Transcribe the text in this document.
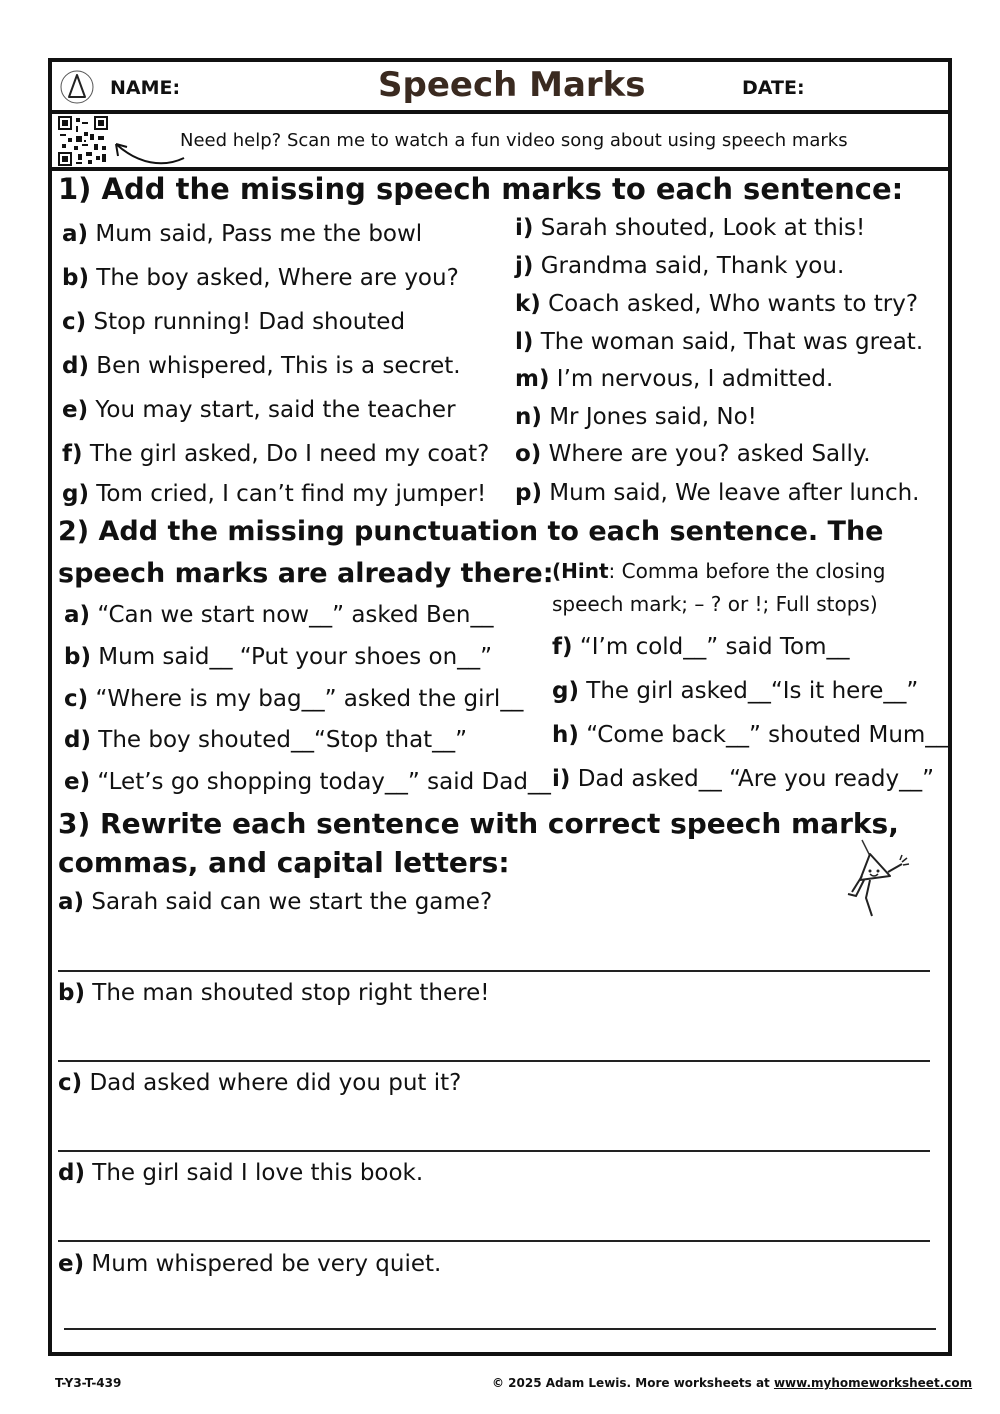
NAME:	Speech Marks	DATE:
Need help? Scan me to watch a fun video song about using speech marks
1) Add the missing speech marks to each sentence:
a) Mum said, Pass me the bowl
b) The boy asked, Where are you?
c) Stop running! Dad shouted
d) Ben whispered, This is a secret.
e) You may start, said the teacher
f) The girl asked, Do I need my coat?
g) Tom cried, I can’t find my jumper!
i) Sarah shouted, Look at this!
j) Grandma said, Thank you.
k) Coach asked, Who wants to try?
l) The woman said, That was great.
m) I’m nervous, I admitted.
n) Mr Jones said, No!
o) Where are you? asked Sally.
p) Mum said, We leave after lunch.
2) Add the missing punctuation to each sentence. The
speech marks are already there:
(Hint: Comma before the closing
speech mark; – ? or !; Full stops)
a) “Can we start now__” asked Ben__
b) Mum said__ “Put your shoes on__”
c) “Where is my bag__” asked the girl__
d) The boy shouted__“Stop that__”
e) “Let’s go shopping today__” said Dad__
f) “I’m cold__” said Tom__
g) The girl asked__“Is it here__”
h) “Come back__” shouted Mum__
i) Dad asked__ “Are you ready__”
3) Rewrite each sentence with correct speech marks,
commas, and capital letters:
a) Sarah said can we start the game?
b) The man shouted stop right there!
c) Dad asked where did you put it?
d) The girl said I love this book.
e) Mum whispered be very quiet.
T-Y3-T-439	© 2025 Adam Lewis. More worksheets at www.myhomeworksheet.com
